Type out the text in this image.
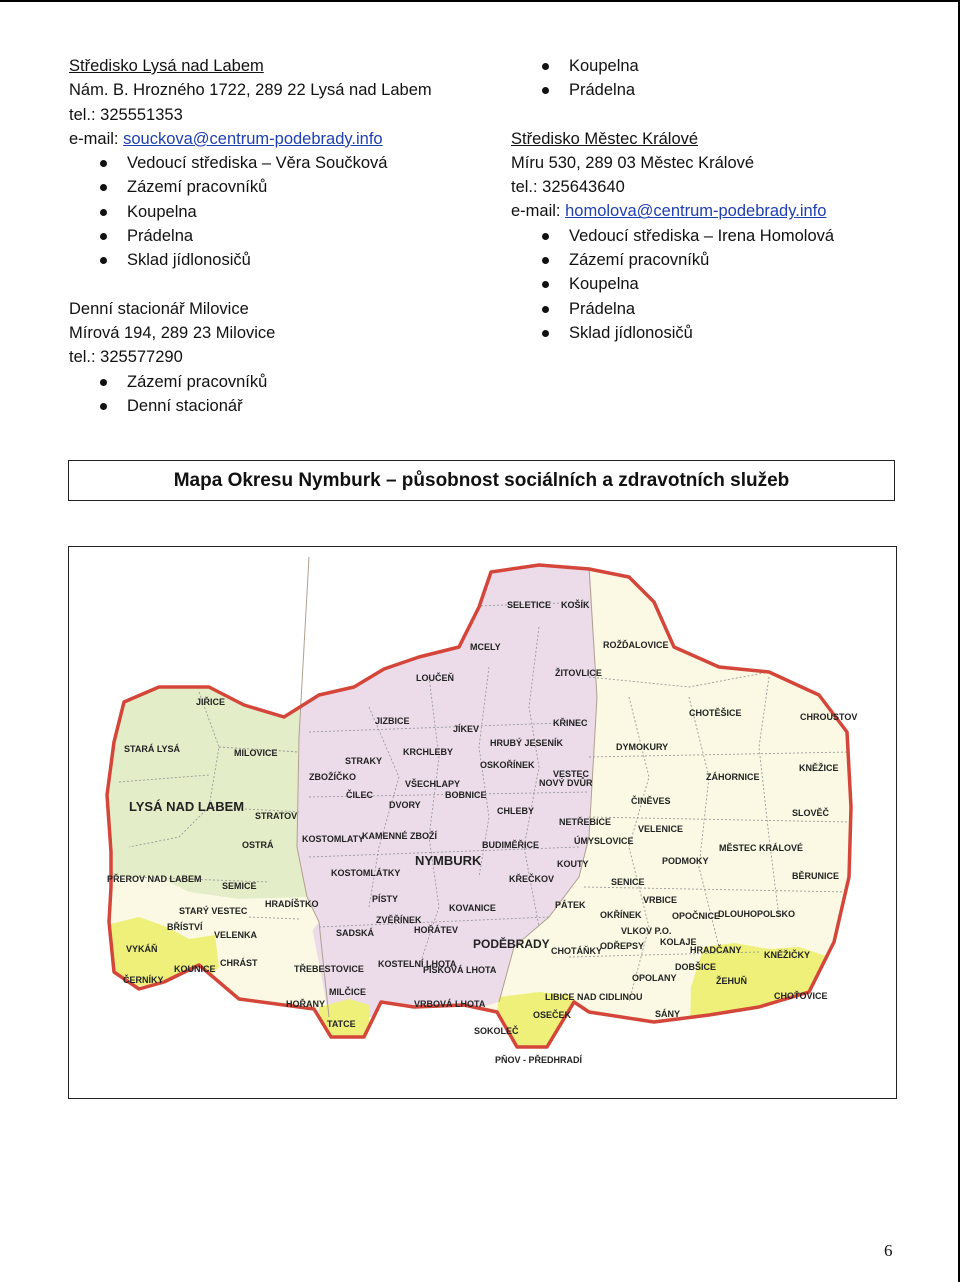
Středisko Lysá nad Labem
Nám. B. Hrozného 1722, 289 22 Lysá nad Labem
tel.: 325551353
e-mail: souckova@centrum-podebrady.info
Vedoucí střediska – Věra Součková
Zázemí pracovníků
Koupelna
Prádelna
Sklad jídlonosičů
Denní stacionář Milovice
Mírová 194, 289 23 Milovice
tel.: 325577290
Zázemí pracovníků
Denní stacionář
Koupelna
Prádelna
Středisko Městec Králové
Míru 530, 289 03 Městec Králové
tel.: 325643640
e-mail: homolova@centrum-podebrady.info
Vedoucí střediska – Irena Homolová
Zázemí pracovníků
Koupelna
Prádelna
Sklad jídlonosičů
Mapa Okresu Nymburk – působnost sociálních a zdravotních služeb
SELETICE KOŠÍK
MCELY	ROŽĎALOVICE
LOUČEŇ	ŽITOVLICE
JIŘICE
JIZBICE
JÍKEV
KŘINEC
CHOTĚŠICE	CHROUSTOV
STARÁ LYSÁ	MILOVICE
STRAKY
KRCHLEBY
HRUBÝ JESENÍK	DYMOKURY
ZBOŽÍČKO
VŠECHLAPY
OSKOŘÍNEK
VESTEC	ZÁHORNICE
KNĚŽICE
ČILEC	BOBNICE
NOVÝ DVŮR
LYSÁ NAD LABEM	DVORY
CHLEBY
ČINĚVES
SLOVĚČ
STRATOV
NETŘEBICE
VELENICE
KOSTOMLATY
KAMENNÉ ZBOŽÍ	ÚMYSLOVICE
OSTRÁ	BUDIMĚŘICE	MĚSTEC KRÁLOVÉ
NYMBURK	PODMOKY
KOUTY
KOSTOMLÁTKY	BĚRUNICE
PŘEROV NAD LABEM
SEMICE
KŘEČKOV	SENICE
PÍSTY
HRADÍŠTKO	VRBICE
STARÝ VESTEC	KOVANICE	PÁTEK
OKŘÍNEK	OPOČNICE
DLOUHOPOLSKO
ZVĚŘÍNEK
BŘÍSTVÍ
VELENKA	SADSKÁ	HOŘÁTEV	VLKOV P.O.
PODĚBRADY	KOLAJE
ODŘEPSY	HRADČANY	KNĚŽIČKY
VYKÁŇ
CHRÁST
CHOTÁŇKY
ČERNÍKY
KOUNICE	TŘEBESTOVICE KOSTELNÍ LHOTA
PÍSKOVÁ LHOTA
OPOLANY
DOBŠICE
ŽEHUŇ
CHOŤOVICE
MILČICE	LIBICE NAD CIDLINOU
HOŘANY	VRBOVÁ LHOTA
TATCE
SÁNY
OSEČEK
SOKOLEČ
PŇOV - PŘEDHRADÍ
6
